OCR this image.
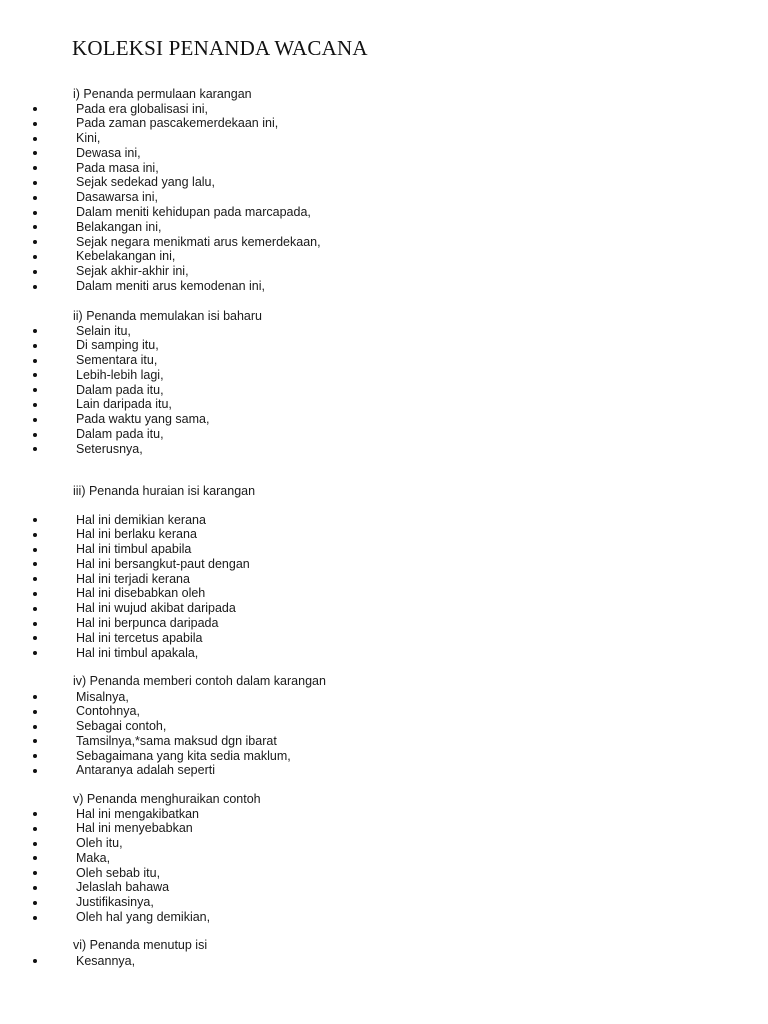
KOLEKSI PENANDA WACANA
i) Penanda permulaan karangan
Pada era globalisasi ini,
Pada zaman pascakemerdekaan ini,
Kini,
Dewasa ini,
Pada masa ini,
Sejak sedekad yang lalu,
Dasawarsa ini,
Dalam meniti kehidupan pada marcapada,
Belakangan ini,
Sejak negara menikmati arus kemerdekaan,
Kebelakangan ini,
Sejak akhir-akhir ini,
Dalam meniti arus kemodenan ini,
ii) Penanda memulakan isi baharu
Selain itu,
Di samping itu,
Sementara itu,
Lebih-lebih lagi,
Dalam pada itu,
Lain daripada itu,
Pada waktu yang sama,
Dalam pada itu,
Seterusnya,
iii) Penanda huraian isi karangan
Hal ini demikian kerana
Hal ini berlaku kerana
Hal ini timbul apabila
Hal ini bersangkut-paut dengan
Hal ini terjadi kerana
Hal ini disebabkan oleh
Hal ini wujud akibat daripada
Hal ini berpunca daripada
Hal ini tercetus apabila
Hal ini timbul apakala,
iv) Penanda memberi contoh dalam karangan
Misalnya,
Contohnya,
Sebagai contoh,
Tamsilnya,*sama maksud dgn ibarat
Sebagaimana yang kita sedia maklum,
Antaranya adalah seperti
v) Penanda menghuraikan contoh
Hal ini mengakibatkan
Hal ini menyebabkan
Oleh itu,
Maka,
Oleh sebab itu,
Jelaslah bahawa
Justifikasinya,
Oleh hal yang demikian,
vi) Penanda menutup isi
Kesannya,
